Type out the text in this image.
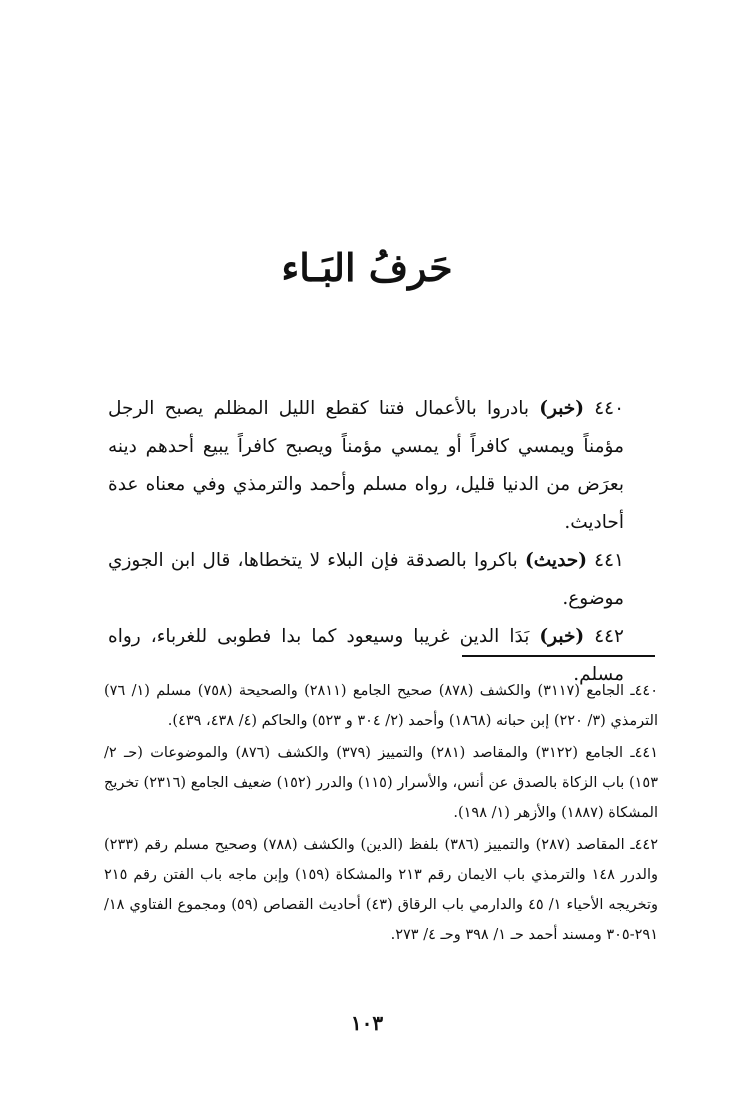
حَرفُ البَـاء

٤٤٠ (خبر) بادروا بالأعمال فتنا كقطع الليل المظلم يصبح الرجل مؤمناً ويمسي كافراً أو يمسي مؤمناً ويصبح كافراً يبيع أحدهم دينه بعرَض من الدنيا قليل، رواه مسلم وأحمد والترمذي وفي معناه عدة أحاديث.

٤٤١ (حديث) باكروا بالصدقة فإن البلاء لا يتخطاها، قال ابن الجوزي موضوع.

٤٤٢ (خبر) بَدَا الدين غريبا وسيعود كما بدا فطوبى للغرباء، رواه مسلم.

٤٤٠ـ الجامع (٣١١٧) والكشف (٨٧٨) صحيح الجامع (٢٨١١) والصحيحة (٧٥٨) مسلم (١/ ٧٦) الترمذي (٣/ ٢٢٠) إبن حبانه (١٨٦٨) وأحمد (٢/ ٣٠٤ و ٥٢٣) والحاكم (٤/ ٤٣٨، ٤٣٩).

٤٤١ـ الجامع (٣١٢٢) والمقاصد (٢٨١) والتمييز (٣٧٩) والكشف (٨٧٦) والموضوعات (حـ ٢/ ١٥٣) باب الزكاة بالصدق عن أنس، والأسرار (١١٥) والدرر (١٥٢) ضعيف الجامع (٢٣١٦) تخريج المشكاة (١٨٨٧) والأزهر (١/ ١٩٨).

٤٤٢ـ المقاصد (٢٨٧) والتمييز (٣٨٦) بلفظ (الدين) والكشف (٧٨٨) وصحيح مسلم رقم (٢٣٣) والدرر ١٤٨ والترمذي باب الايمان رقم ٢١٣ والمشكاة (١٥٩) وإبن ماجه باب الفتن رقم ٢١٥ وتخريجه الأحياء ١/ ٤٥ والدارمي باب الرقاق (٤٣) أحاديث القصاص (٥٩) ومجموع الفتاوي ١٨/ ٢٩١-٣٠٥ ومسند أحمد حـ ١/ ٣٩٨ وحـ ٤/ ٢٧٣.

١٠٣
